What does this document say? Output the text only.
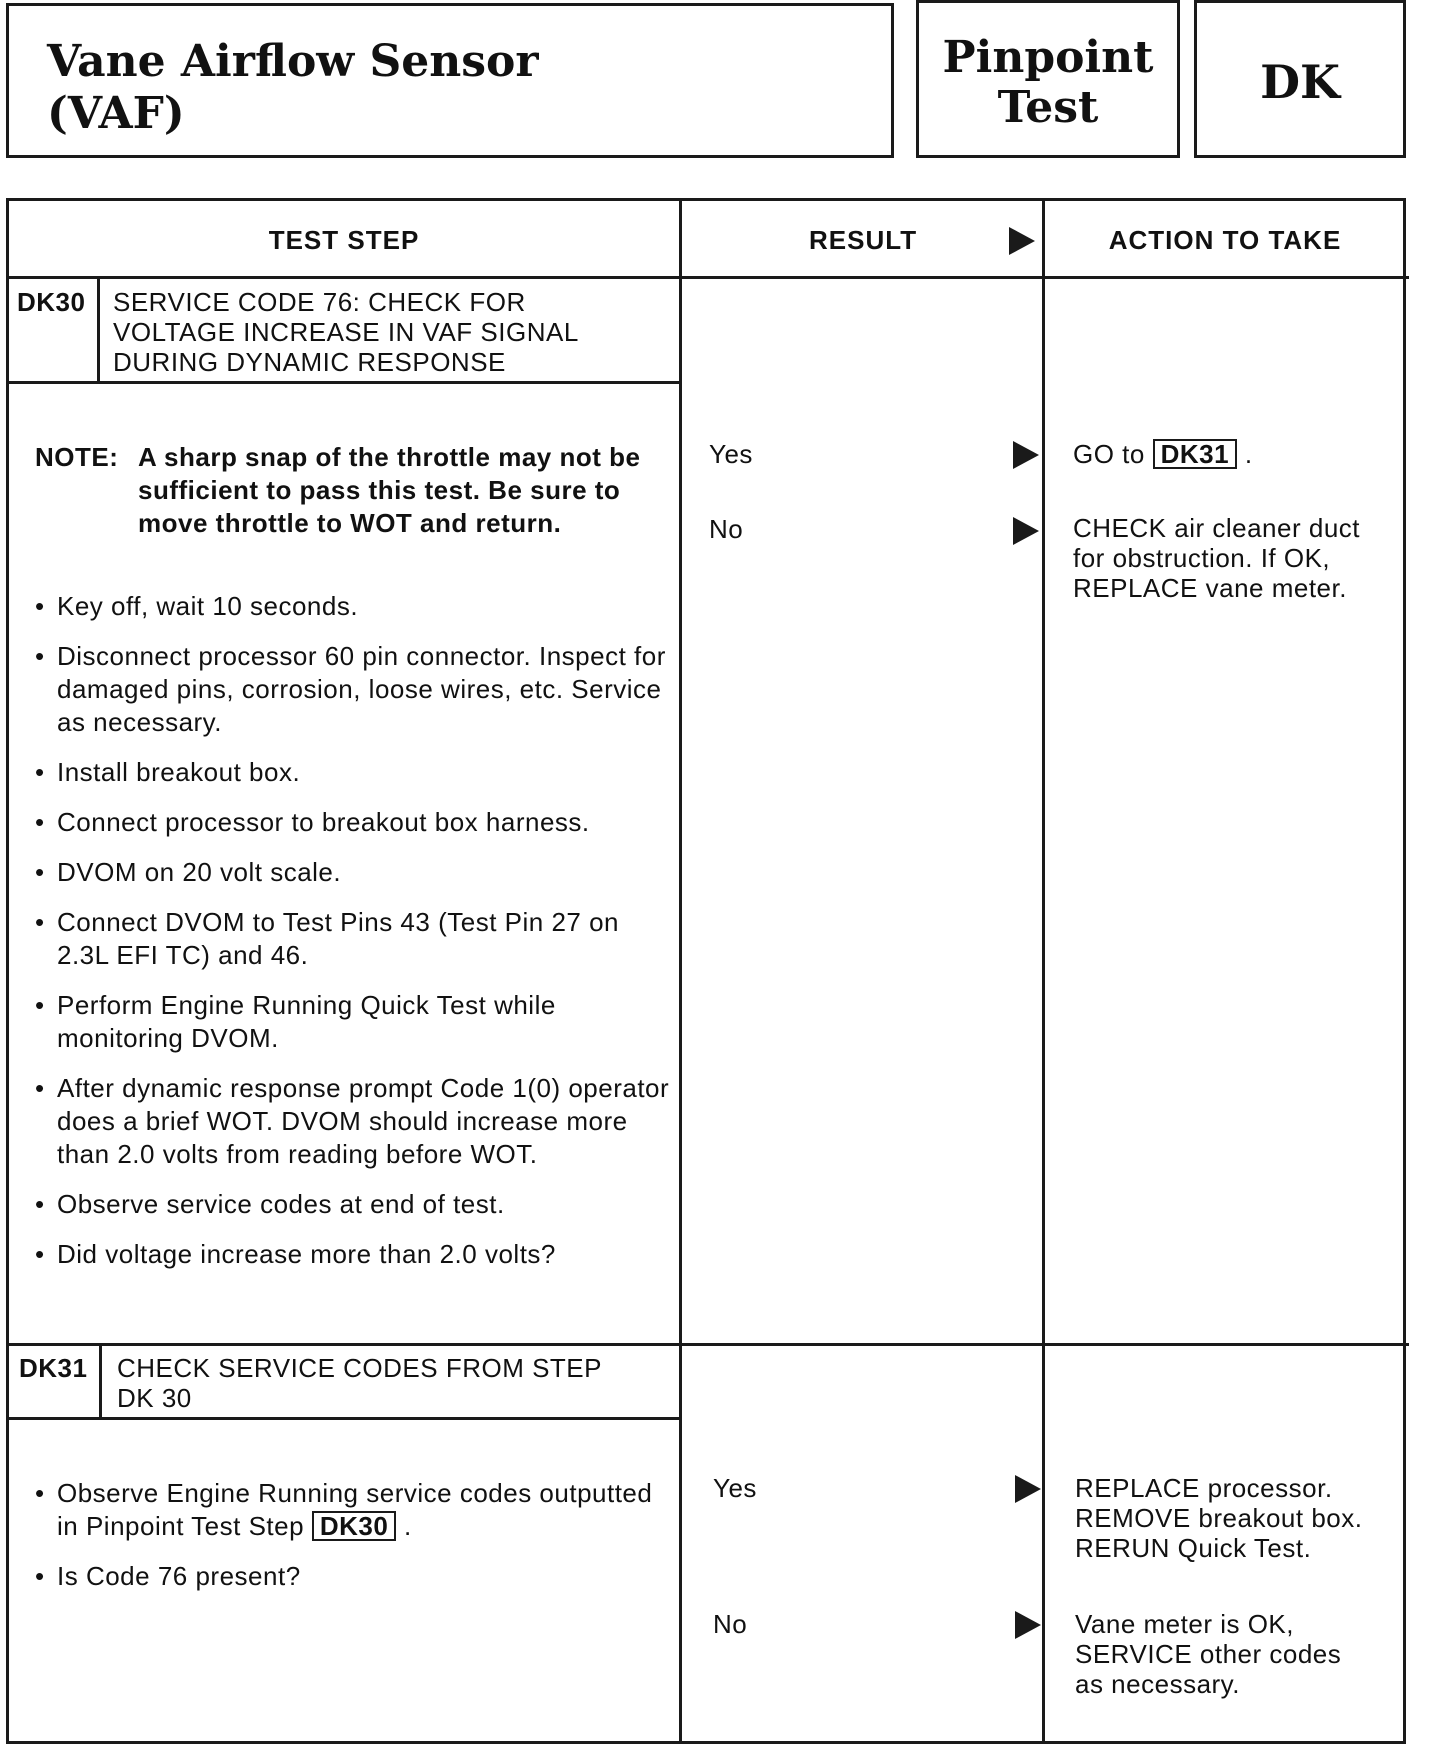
Vane Airflow Sensor
(VAF)
Pinpoint
Test	DK
TEST STEP	RESULT	ACTION TO TAKE
DK30 SERVICE CODE 76: CHECK FOR VOLTAGE INCREASE IN VAF SIGNAL DURING DYNAMIC RESPONSE
NOTE: A sharp snap of the throttle may not be sufficient to pass this test. Be sure to move throttle to WOT and return.
• Key off, wait 10 seconds.
• Disconnect processor 60 pin connector. Inspect for damaged pins, corrosion, loose wires, etc. Service as necessary.
• Install breakout box.
• Connect processor to breakout box harness.
• DVOM on 20 volt scale.
• Connect DVOM to Test Pins 43 (Test Pin 27 on 2.3L EFI TC) and 46.
• Perform Engine Running Quick Test while monitoring DVOM.
• After dynamic response prompt Code 1(0) operator does a brief WOT. DVOM should increase more than 2.0 volts from reading before WOT.
• Observe service codes at end of test.
• Did voltage increase more than 2.0 volts?
Yes	GO to DK31 .
No	CHECK air cleaner duct for obstruction. If OK, REPLACE vane meter.
DK31 CHECK SERVICE CODES FROM STEP DK 30
• Observe Engine Running service codes outputted in Pinpoint Test Step DK30 .
• Is Code 76 present?
Yes	REPLACE processor. REMOVE breakout box. RERUN Quick Test.
No	Vane meter is OK, SERVICE other codes as necessary.
